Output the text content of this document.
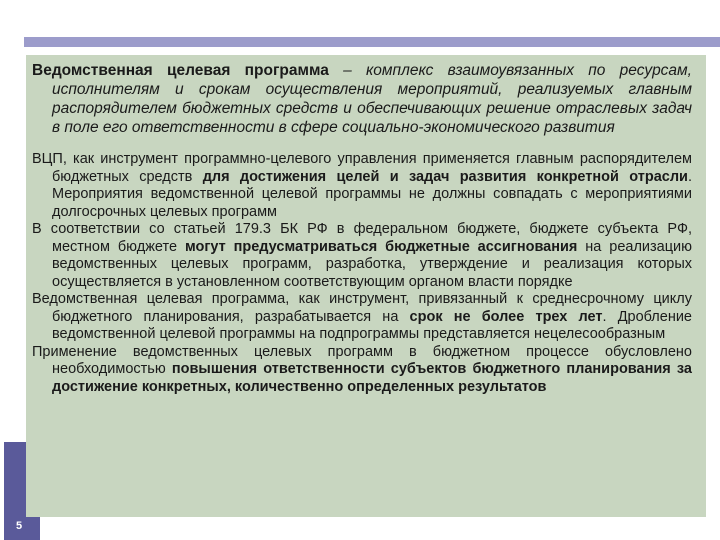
5

Ведомственная целевая программа – комплекс взаимоувязанных по ресурсам, исполнителям и срокам осуществления мероприятий, реализуемых главным распорядителем бюджетных средств и обеспечивающих решение отраслевых задач в поле его ответственности в сфере социально-экономического развития

ВЦП, как инструмент программно-целевого управления применяется главным распорядителем бюджетных средств для достижения целей и задач развития конкретной отрасли. Мероприятия ведомственной целевой программы не должны совпадать с мероприятиями долгосрочных целевых программ

В соответствии со статьей 179.3 БК РФ в федеральном бюджете, бюджете субъекта РФ, местном бюджете могут предусматриваться бюджетные ассигнования на реализацию ведомственных целевых программ, разработка, утверждение и реализация которых осуществляется в установленном соответствующим органом власти порядке

Ведомственная целевая программа, как инструмент, привязанный к среднесрочному циклу бюджетного планирования, разрабатывается на срок не более трех лет. Дробление ведомственной целевой программы на подпрограммы представляется нецелесообразным

Применение ведомственных целевых программ в бюджетном процессе обусловлено необходимостью повышения ответственности субъектов бюджетного планирования за достижение конкретных, количественно определенных результатов
